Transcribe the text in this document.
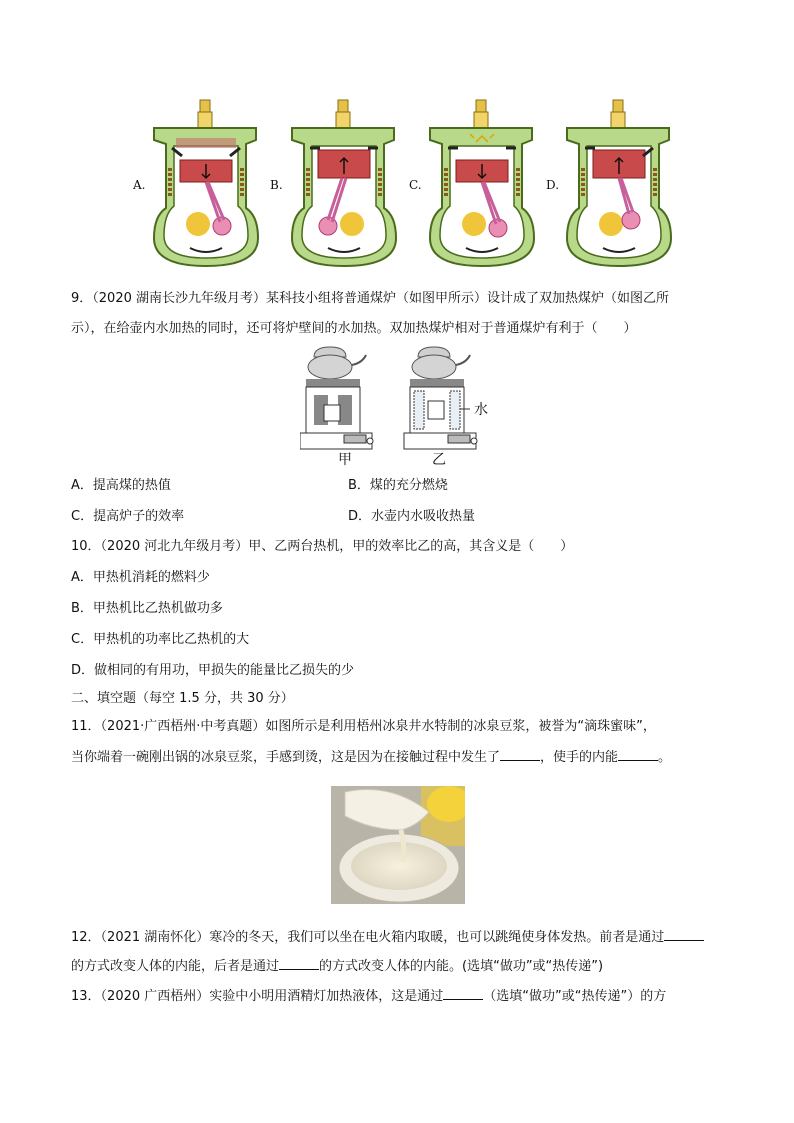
A.	B.	C.	D.
9．（2020 湖南长沙九年级月考）某科技小组将普通煤炉（如图甲所示）设计成了双加热煤炉（如图乙所
示），在给壶内水加热的同时，还可将炉壁间的水加热。双加热煤炉相对于普通煤炉有利于（　　）
水
甲	乙
A．提高煤的热值	B．煤的充分燃烧
C．提高炉子的效率	D．水壶内水吸收热量
10．（2020 河北九年级月考）甲、乙两台热机，甲的效率比乙的高，其含义是（　　）
A．甲热机消耗的燃料少
B．甲热机比乙热机做功多
C．甲热机的功率比乙热机的大
D．做相同的有用功，甲损失的能量比乙损失的少
二、填空题（每空 1.5 分，共 30 分）
11．（2021·广西梧州·中考真题）如图所示是利用梧州冰泉井水特制的冰泉豆浆，被誉为“滴珠蜜味”，
当你端着一碗刚出锅的冰泉豆浆，手感到烫，这是因为在接触过程中发生了	，使手的内能	。
12．（2021 湖南怀化）寒冷的冬天，我们可以坐在电火箱内取暖，也可以跳绳使身体发热。前者是通过
的方式改变人体的内能，后者是通过	的方式改变人体的内能。(选填“做功”或“热传递”)
13．（2020 广西梧州）实验中小明用酒精灯加热液体，这是通过	（选填“做功”或“热传递”）的方
